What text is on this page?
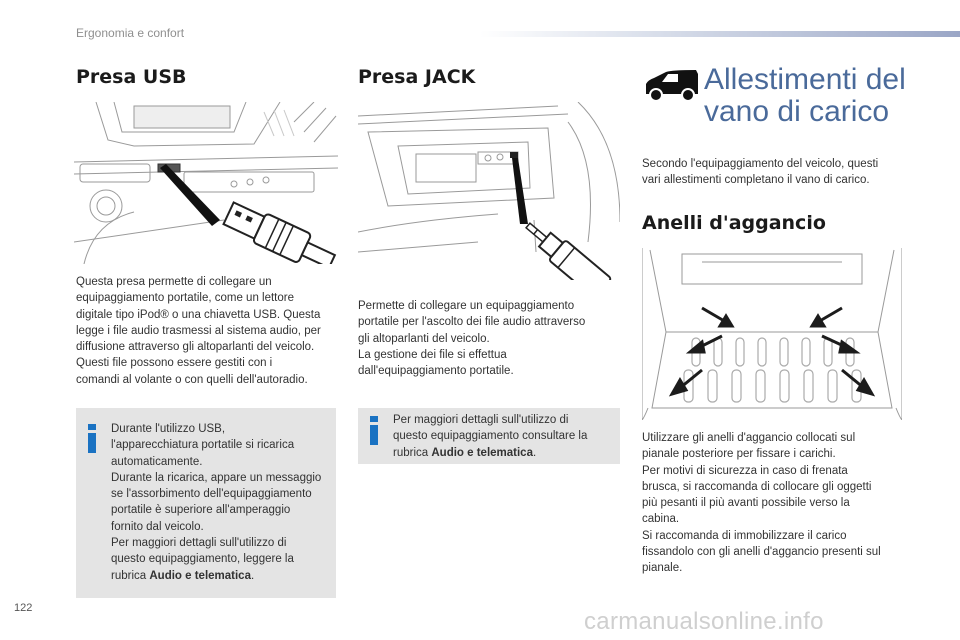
Ergonomia e confort
Presa USB
Questa presa permette di collegare un
equipaggiamento portatile, come un lettore
digitale tipo iPod® o una chiavetta USB. Questa
legge i file audio trasmessi al sistema audio, per
diffusione attraverso gli altoparlanti del veicolo.
Questi file possono essere gestiti con i
comandi al volante o con quelli dell'autoradio.
Durante l'utilizzo USB,
l'apparecchiatura portatile si ricarica
automaticamente.
Durante la ricarica, appare un messaggio
se l'assorbimento dell'equipaggiamento
portatile è superiore all'amperaggio
fornito dal veicolo.
Per maggiori dettagli sull'utilizzo di
questo equipaggiamento, leggere la
rubrica Audio e telematica.
Presa JACK
Permette di collegare un equipaggiamento
portatile per l'ascolto dei file audio attraverso
gli altoparlanti del veicolo.
La gestione dei file si effettua
dall'equipaggiamento portatile.
Per maggiori dettagli sull'utilizzo di
questo equipaggiamento consultare la
rubrica Audio e telematica.
Allestimenti del
vano di carico
Secondo l'equipaggiamento del veicolo, questi
vari allestimenti completano il vano di carico.
Anelli d'aggancio
Utilizzare gli anelli d'aggancio collocati sul
pianale posteriore per fissare i carichi.
Per motivi di sicurezza in caso di frenata
brusca, si raccomanda di collocare gli oggetti
più pesanti il più avanti possibile verso la
cabina.
Si raccomanda di immobilizzare il carico
fissandolo con gli anelli d'aggancio presenti sul
pianale.
122	carmanualsonline.info
